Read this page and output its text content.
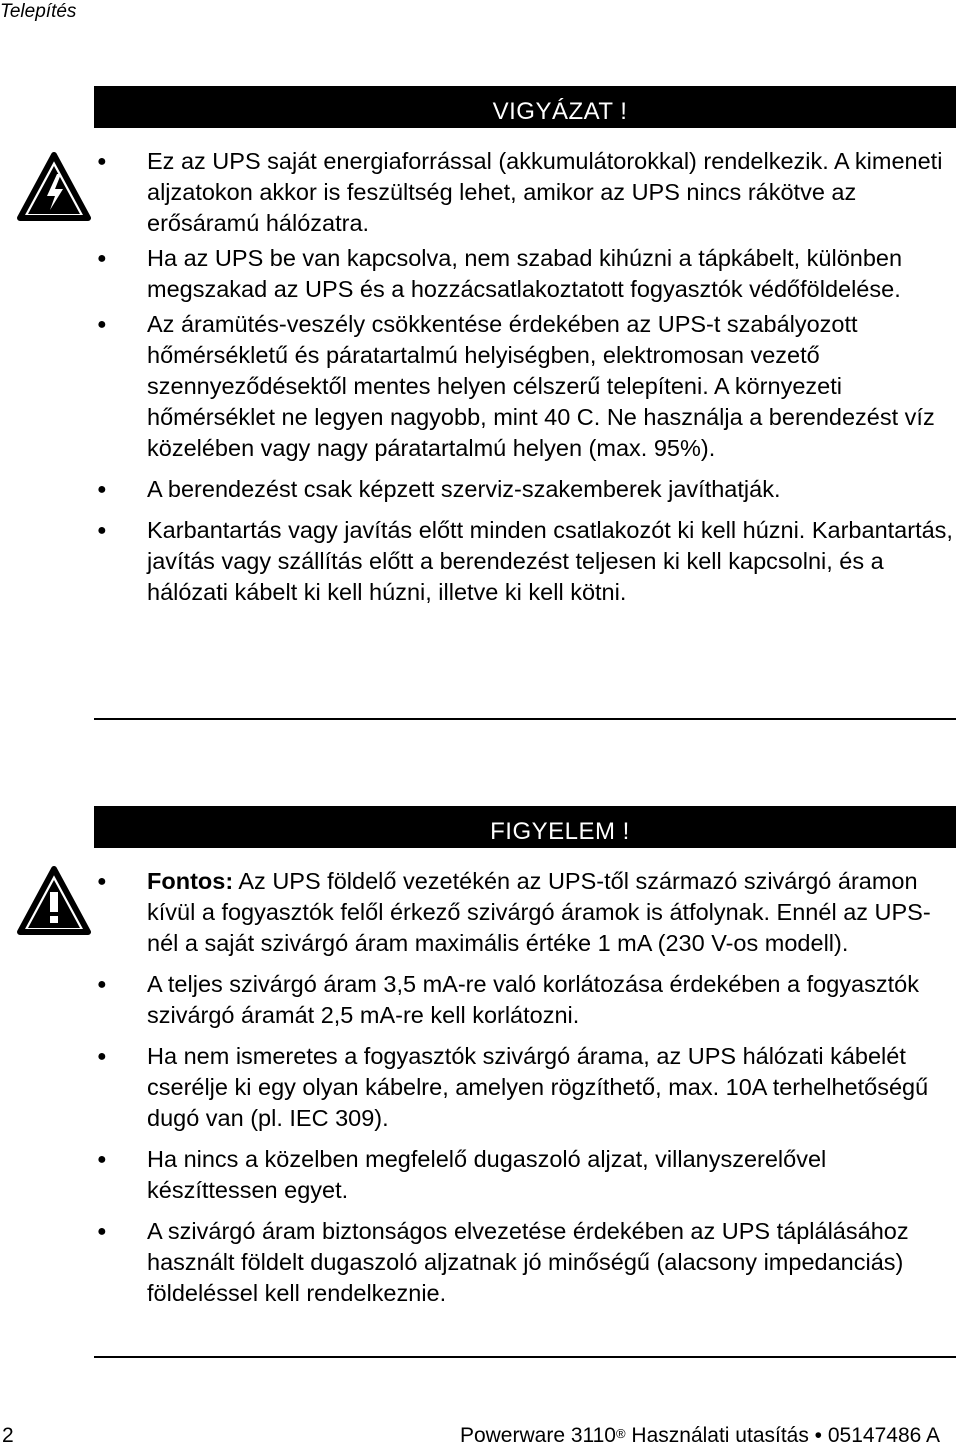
Telepítés
VIGYÁZAT !
● Ez az UPS saját energiaforrással (akkumulátorokkal) rendelkezik. A kimeneti aljzatokon akkor is feszültség lehet, amikor az UPS nincs rákötve az erősáramú hálózatra.
● Ha az UPS be van kapcsolva, nem szabad kihúzni a tápkábelt, különben megszakad az UPS és a hozzácsatlakoztatott fogyasztók védőföldelése.
● Az áramütés-veszély csökkentése érdekében az UPS-t szabályozott hőmérsékletű és páratartalmú helyiségben, elektromosan vezető szennyeződésektől mentes helyen célszerű telepíteni. A környezeti hőmérséklet ne legyen nagyobb, mint 40 C. Ne használja a berendezést víz közelében vagy nagy páratartalmú helyen (max. 95%).
● A berendezést csak képzett szerviz-szakemberek javíthatják.
● Karbantartás vagy javítás előtt minden csatlakozót ki kell húzni. Karbantartás, javítás vagy szállítás előtt a berendezést teljesen ki kell kapcsolni, és a hálózati kábelt ki kell húzni, illetve ki kell kötni.
FIGYELEM !
● Fontos: Az UPS földelő vezetékén az UPS-től származó szivárgó áramon kívül a fogyasztók felől érkező szivárgó áramok is átfolynak. Ennél az UPS-nél a saját szivárgó áram maximális értéke 1 mA (230 V-os modell).
● A teljes szivárgó áram 3,5 mA-re való korlátozása érdekében a fogyasztók szivárgó áramát 2,5 mA-re kell korlátozni.
● Ha nem ismeretes a fogyasztók szivárgó árama, az UPS hálózati kábelét cserélje ki egy olyan kábelre, amelyen rögzíthető, max. 10A terhelhetőségű dugó van (pl. IEC 309).
● Ha nincs a közelben megfelelő dugaszoló aljzat, villanyszerelővel készíttessen egyet.
● A szivárgó áram biztonságos elvezetése érdekében az UPS táplálásához használt földelt dugaszoló aljzatnak jó minőségű (alacsony impedanciás) földeléssel kell rendelkeznie.
2	Powerware 3110® Használati utasítás • 05147486 A
